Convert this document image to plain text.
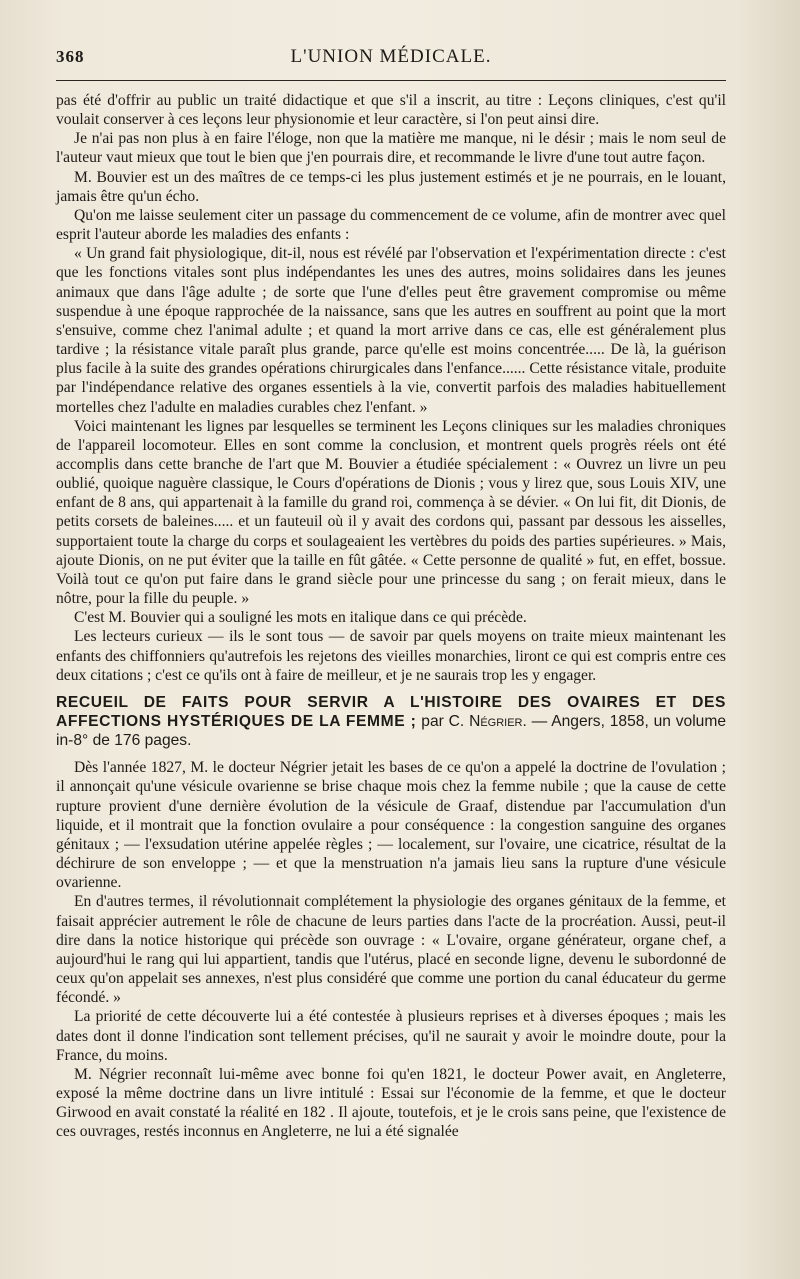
368	L'UNION MÉDICALE.

pas été d'offrir au public un traité didactique et que s'il a inscrit, au titre : Leçons cliniques, c'est qu'il voulait conserver à ces leçons leur physionomie et leur caractère, si l'on peut ainsi dire.

Je n'ai pas non plus à en faire l'éloge, non que la matière me manque, ni le désir ; mais le nom seul de l'auteur vaut mieux que tout le bien que j'en pourrais dire, et recommande le livre d'une tout autre façon.

M. Bouvier est un des maîtres de ce temps-ci les plus justement estimés et je ne pourrais, en le louant, jamais être qu'un écho.

Qu'on me laisse seulement citer un passage du commencement de ce volume, afin de montrer avec quel esprit l'auteur aborde les maladies des enfants :

« Un grand fait physiologique, dit-il, nous est révélé par l'observation et l'expérimentation directe : c'est que les fonctions vitales sont plus indépendantes les unes des autres, moins solidaires dans les jeunes animaux que dans l'âge adulte ; de sorte que l'une d'elles peut être gravement compromise ou même suspendue à une époque rapprochée de la naissance, sans que les autres en souffrent au point que la mort s'ensuive, comme chez l'animal adulte ; et quand la mort arrive dans ce cas, elle est généralement plus tardive ; la résistance vitale paraît plus grande, parce qu'elle est moins concentrée..... De là, la guérison plus facile à la suite des grandes opérations chirurgicales dans l'enfance...... Cette résistance vitale, produite par l'indépendance relative des organes essentiels à la vie, convertit parfois des maladies habituellement mortelles chez l'adulte en maladies curables chez l'enfant. »

Voici maintenant les lignes par lesquelles se terminent les Leçons cliniques sur les maladies chroniques de l'appareil locomoteur. Elles en sont comme la conclusion, et montrent quels progrès réels ont été accomplis dans cette branche de l'art que M. Bouvier a étudiée spécialement : « Ouvrez un livre un peu oublié, quoique naguère classique, le Cours d'opérations de Dionis ; vous y lirez que, sous Louis XIV, une enfant de 8 ans, qui appartenait à la famille du grand roi, commença à se dévier. « On lui fit, dit Dionis, de petits corsets de baleines..... et un fauteuil où il y avait des cordons qui, passant par dessous les aisselles, supportaient toute la charge du corps et soulageaient les vertèbres du poids des parties supérieures. » Mais, ajoute Dionis, on ne put éviter que la taille en fût gâtée. « Cette personne de qualité » fut, en effet, bossue. Voilà tout ce qu'on put faire dans le grand siècle pour une princesse du sang ; on ferait mieux, dans le nôtre, pour la fille du peuple. »

C'est M. Bouvier qui a souligné les mots en italique dans ce qui précède.

Les lecteurs curieux — ils le sont tous — de savoir par quels moyens on traite mieux maintenant les enfants des chiffonniers qu'autrefois les rejetons des vieilles monarchies, liront ce qui est compris entre ces deux citations ; c'est ce qu'ils ont à faire de meilleur, et je ne saurais trop les y engager.

RECUEIL DE FAITS POUR SERVIR A L'HISTOIRE DES OVAIRES ET DES AFFECTIONS HYSTÉRIQUES DE LA FEMME ; par C. Négrier. — Angers, 1858, un volume in-8° de 176 pages.

Dès l'année 1827, M. le docteur Négrier jetait les bases de ce qu'on a appelé la doctrine de l'ovulation ; il annonçait qu'une vésicule ovarienne se brise chaque mois chez la femme nubile ; que la cause de cette rupture provient d'une dernière évolution de la vésicule de Graaf, distendue par l'accumulation d'un liquide, et il montrait que la fonction ovulaire a pour conséquence : la congestion sanguine des organes génitaux ; — l'exsudation utérine appelée règles ; — localement, sur l'ovaire, une cicatrice, résultat de la déchirure de son enveloppe ; — et que la menstruation n'a jamais lieu sans la rupture d'une vésicule ovarienne.

En d'autres termes, il révolutionnait complétement la physiologie des organes génitaux de la femme, et faisait apprécier autrement le rôle de chacune de leurs parties dans l'acte de la procréation. Aussi, peut-il dire dans la notice historique qui précède son ouvrage : « L'ovaire, organe générateur, organe chef, a aujourd'hui le rang qui lui appartient, tandis que l'utérus, placé en seconde ligne, devenu le subordonné de ceux qu'on appelait ses annexes, n'est plus considéré que comme une portion du canal éducateur du germe fécondé. »

La priorité de cette découverte lui a été contestée à plusieurs reprises et à diverses époques ; mais les dates dont il donne l'indication sont tellement précises, qu'il ne saurait y avoir le moindre doute, pour la France, du moins.

M. Négrier reconnaît lui-même avec bonne foi qu'en 1821, le docteur Power avait, en Angleterre, exposé la même doctrine dans un livre intitulé : Essai sur l'économie de la femme, et que le docteur Girwood en avait constaté la réalité en 182 . Il ajoute, toutefois, et je le crois sans peine, que l'existence de ces ouvrages, restés inconnus en Angleterre, ne lui a été signalée
